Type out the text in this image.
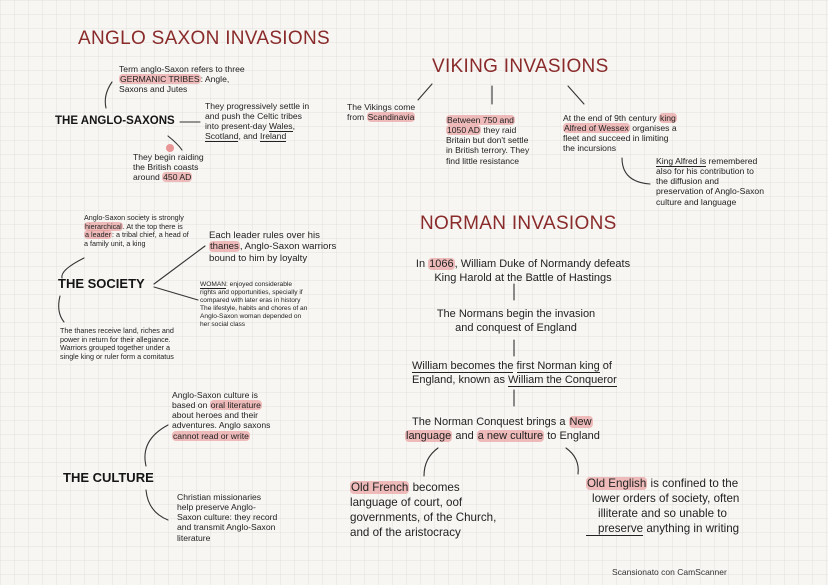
ANGLO SAXON INVASIONS
Term anglo-Saxon refers to three
GERMANIC TRIBES: Angle,
Saxons and Jutes
THE ANGLO-SAXONS
They progressively settle in
and push the Celtic tribes
into present-day Wales,
Scotland, and Ireland
They begin raiding
the British coasts
around 450 AD
Anglo-Saxon society is strongly
hierarchical. At the top there is
a leader: a tribal chief, a head of
a family unit, a king
Each leader rules over his
thanes, Anglo-Saxon warriors
bound to him by loyalty
THE SOCIETY	WOMAN: enjoyed considerable
rights and opportunities, specially if
compared with later eras in history
The lifestyle, habits and chores of an
Anglo-Saxon woman depended on
her social class
The thanes receive land, riches and
power in return for their allegiance.
Warriors grouped together under a
single king or ruler form a comitatus
Anglo-Saxon culture is
based on oral literature
about heroes and their
adventures. Anglo saxons
cannot read or write
THE CULTURE
Christian missionaries
help preserve Anglo-
Saxon culture: they record
and transmit Anglo-Saxon
literature
VIKING INVASIONS
The Vikings come
from Scandinavia	Between 750 and
1050 AD they raid
Britain but don't settle
in British terrory. They
find little resistance
At the end of 9th century king
Alfred of Wessex organises a
fleet and succeed in limiting
the incursions
King Alfred is remembered
also for his contribution to
the diffusion and
preservation of Anglo-Saxon
culture and language
NORMAN INVASIONS
In 1066, William Duke of Normandy defeats
King Harold at the Battle of Hastings
The Normans begin the invasion
and conquest of England
William becomes the first Norman king of
England, known as William the Conqueror
The Norman Conquest brings a New
language and a new culture to England
Old French becomes
language of court, oof
governments, of the Church,
and of the aristocracy
Old English is confined to the
lower orders of society, often
illiterate and so unable to
preserve anything in writing
Scansionato con CamScanner
